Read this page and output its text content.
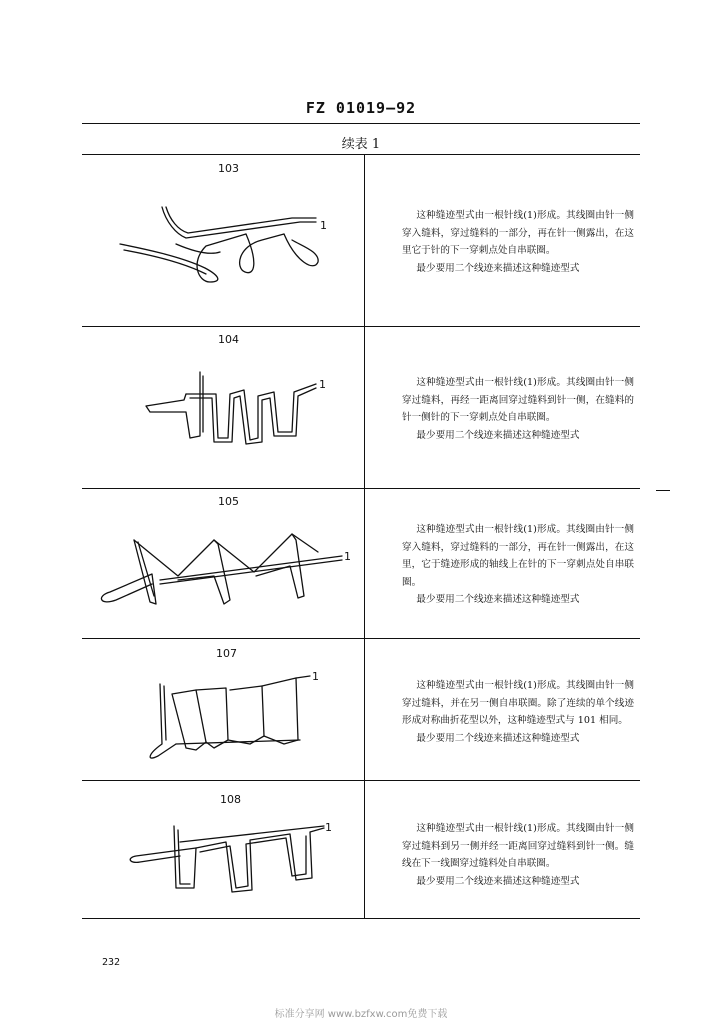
FZ 01019—92
续表 1
103
1

这种缝迹型式由一根针线(1)形成。其线圈由针一侧穿入缝料，穿过缝料的一部分，再在针一侧露出，在这里它于针的下一穿刺点处自串联圈。

最少要用二个线迹来描述这种缝迹型式

104
1	这种缝迹型式由一根针线(1)形成。其线圈由针一侧穿过缝料，再经一距离回穿过缝料到针一侧，在缝料的针一侧针的下一穿刺点处自串联圈。

最少要用二个线迹来描述这种缝迹型式

105
1

这种缝迹型式由一根针线(1)形成。其线圈由针一侧穿入缝料，穿过缝料的一部分，再在针一侧露出，在这里，它于缝迹形成的轴线上在针的下一穿刺点处自串联圈。

最少要用二个线迹来描述这种缝迹型式

107
1

这种缝迹型式由一根针线(1)形成。其线圈由针一侧穿过缝料，并在另一侧自串联圈。除了连续的单个线迹形成对称曲折花型以外，这种缝迹型式与 101 相同。

最少要用二个线迹来描述这种缝迹型式

108
1	这种缝迹型式由一根针线(1)形成。其线圈由针一侧穿过缝料到另一侧并经一距离回穿过缝料到针一侧。缝线在下一线圈穿过缝料处自串联圈。

最少要用二个线迹来描述这种缝迹型式

232
标准分享网 www.bzfxw.com免费下载
